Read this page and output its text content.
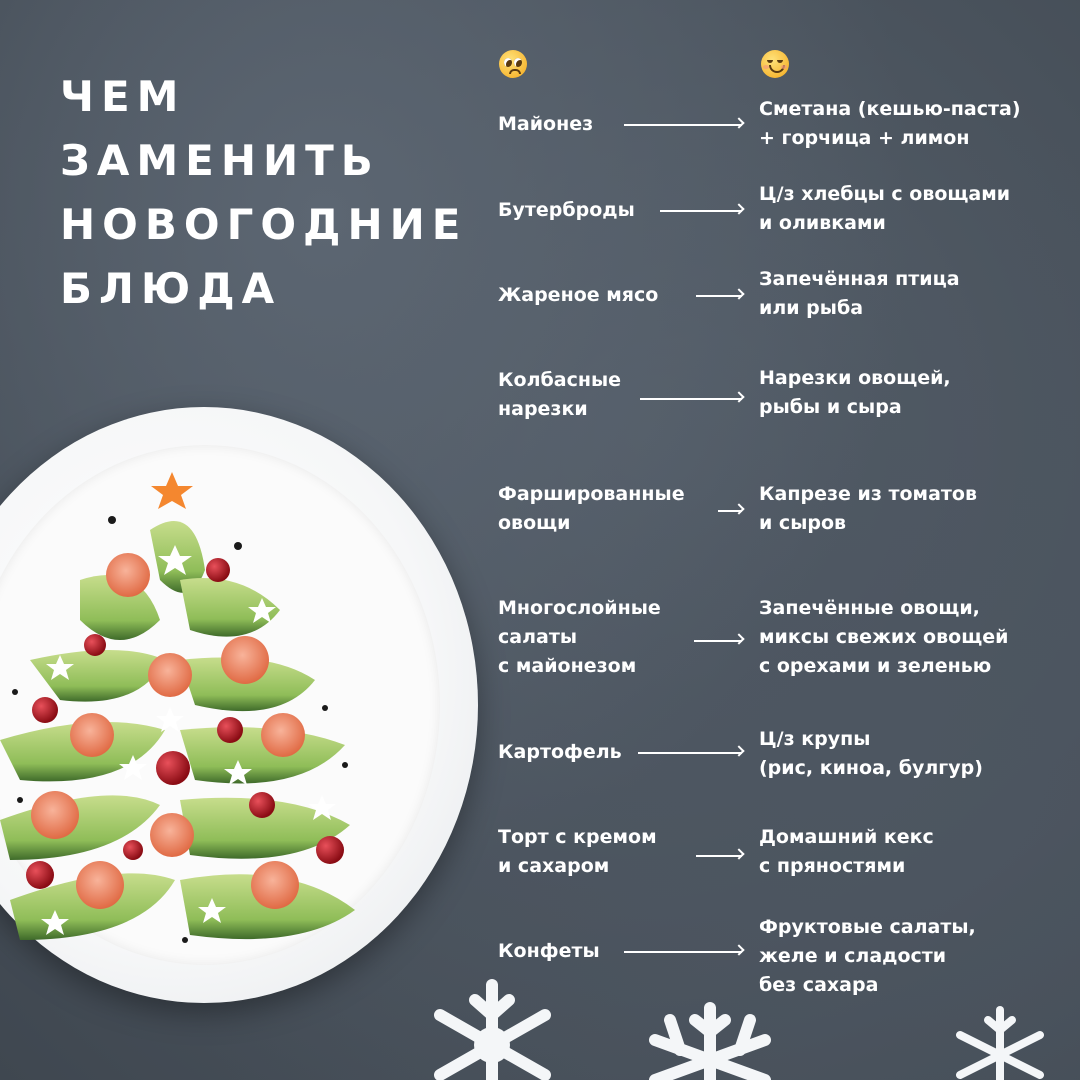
ЧЕМ
ЗАМЕНИТЬ
НОВОГОДНИЕ
БЛЮДА

Майонез

Сметана (кешью-паста)
+ горчица + лимон

Бутерброды

Ц/з хлебцы с овощами
и оливками

Жареное мясо

Запечённая птица
или рыба

Колбасные
нарезки

Нарезки овощей,
рыбы и сыра

Фаршированные
овощи

Капрезе из томатов
и сыров

Многослойные
салаты
с майонезом

Запечённые овощи,
миксы свежих овощей
с орехами и зеленью

Картофель

Ц/з крупы
(рис, киноа, булгур)

Торт с кремом
и сахаром

Домашний кекс
с пряностями

Конфеты

Фруктовые салаты,
желе и сладости
без сахара
